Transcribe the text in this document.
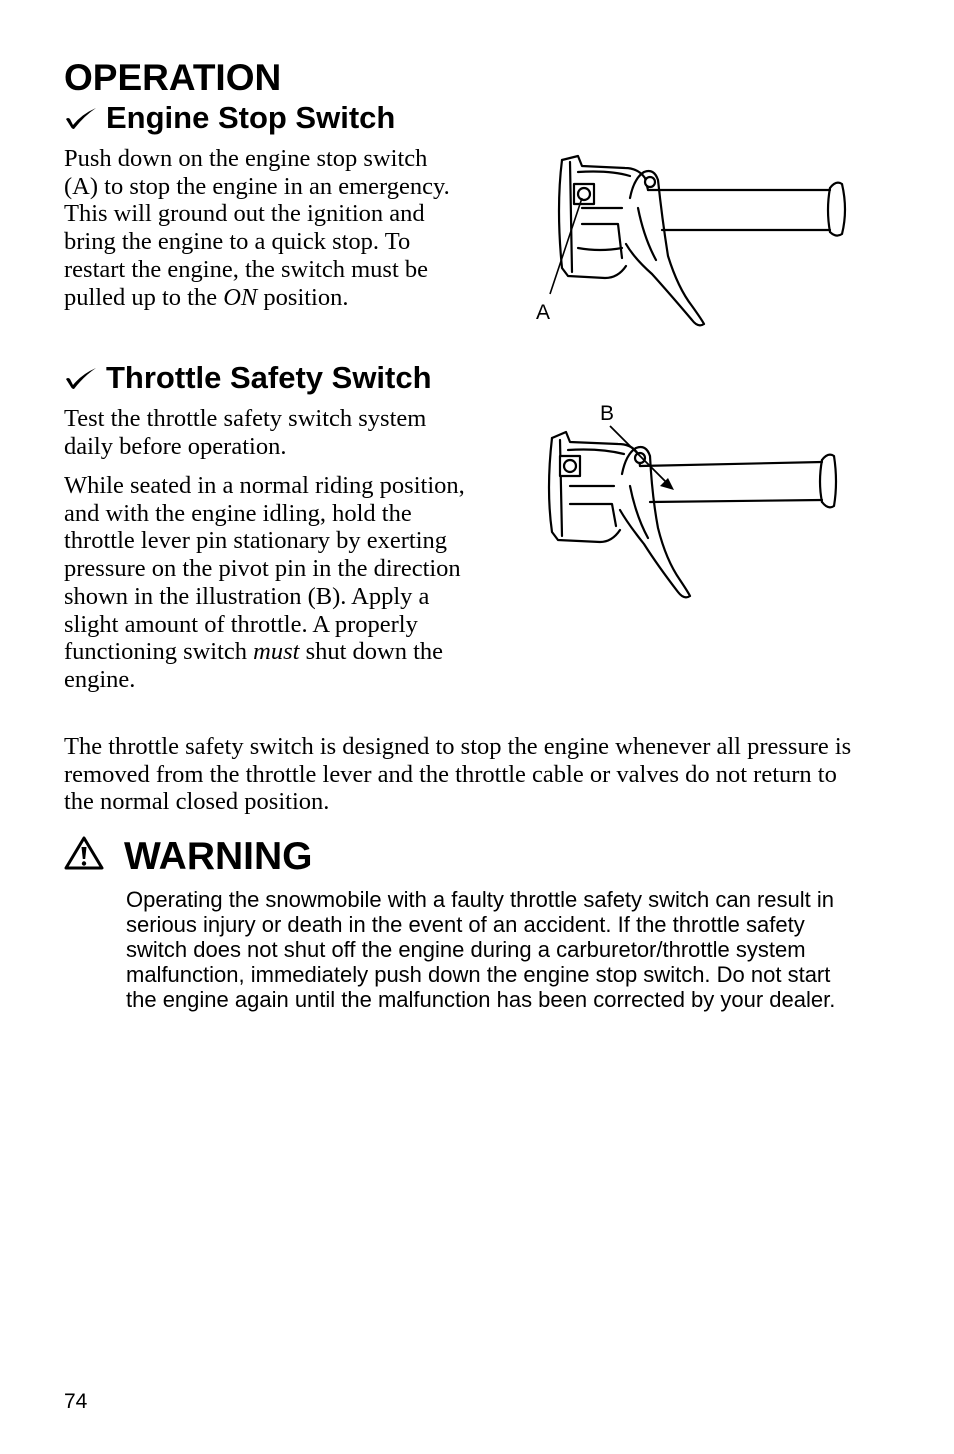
OPERATION
Engine Stop Switch

Push down on the engine stop switch (A) to stop the engine in an emergency. This will ground out the ignition and bring the engine to a quick stop. To restart the engine, the switch must be pulled up to the ON position.

A
Throttle Safety Switch

Test the throttle safety switch system daily before operation.

While seated in a normal riding position, and with the engine idling, hold the throttle lever pin stationary by exerting pressure on the pivot pin in the direction shown in the illustration (B). Apply a slight amount of throttle. A properly functioning switch must shut down the engine.

B

The throttle safety switch is designed to stop the engine whenever all pressure is removed from the throttle lever and the throttle cable or valves do not return to the normal closed position.

WARNING

Operating the snowmobile with a faulty throttle safety switch can result in serious injury or death in the event of an accident. If the throttle safety switch does not shut off the engine during a carburetor/throttle system malfunction, immediately push down the engine stop switch. Do not start the engine again until the malfunction has been corrected by your dealer.

74
